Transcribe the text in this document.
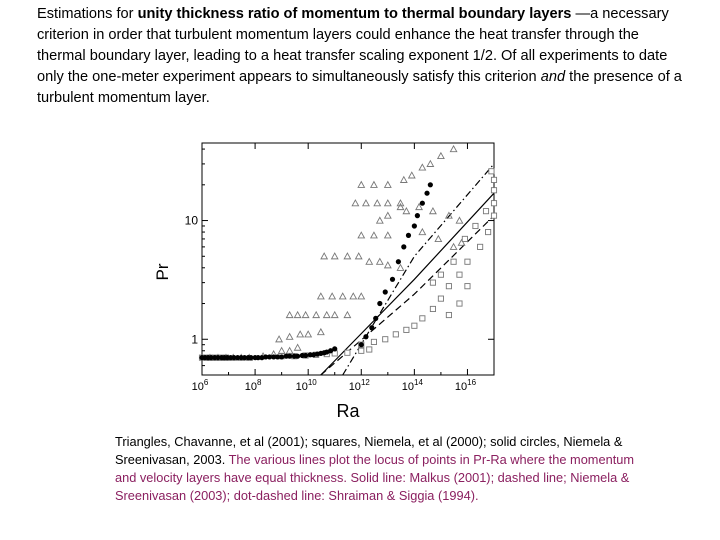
Estimations for unity thickness ratio of momentum to thermal boundary layers —a necessary criterion in order that turbulent momentum layers could enhance the heat transfer through the thermal boundary layer, leading to a heat transfer scaling exponent 1/2. Of all experiments to date only the one-meter experiment appears to simultaneously satisfy this criterion and the presence of a turbulent momentum layer.
$10^6$	$10^8$	$10^{10}$	$10^{12}$	$10^{14}$	$10^{16}$
1
10
Ra
Pr
Triangles, Chavanne, et al (2001); squares, Niemela, et al (2000); solid circles, Niemela & Sreenivasan, 2003. The various lines plot the locus of points in Pr-Ra where the momentum and velocity layers have equal thickness. Solid line: Malkus (2001); dashed line; Niemela & Sreenivasan (2003); dot-dashed line: Shraiman & Siggia (1994).
